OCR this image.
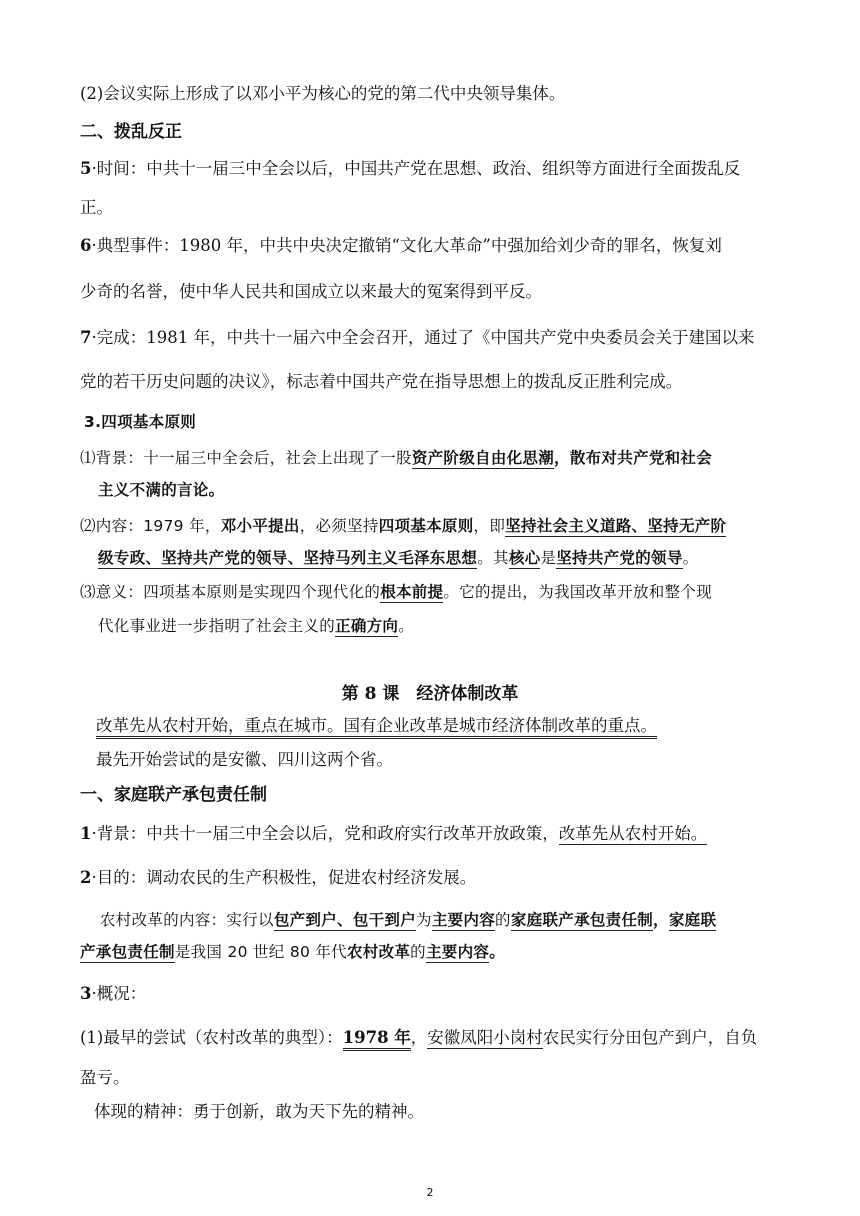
(2)会议实际上形成了以邓小平为核心的党的第二代中央领导集体。
二、拨乱反正
5·时间：中共十一届三中全会以后，中国共产党在思想、政治、组织等方面进行全面拨乱反
正。
6·典型事件：1980 年，中共中央决定撤销“文化大革命”中强加给刘少奇的罪名，恢复刘
少奇的名誉，使中华人民共和国成立以来最大的冤案得到平反。
7·完成：1981 年，中共十一届六中全会召开，通过了《中国共产党中央委员会关于建国以来
党的若干历史问题的决议》，标志着中国共产党在指导思想上的拨乱反正胜利完成。
3.四项基本原则
⑴背景：十一届三中全会后，社会上出现了一股资产阶级自由化思潮，散布对共产党和社会
主义不满的言论。
⑵内容：1979 年，邓小平提出，必须坚持四项基本原则，即坚持社会主义道路、坚持无产阶
级专政、坚持共产党的领导、坚持马列主义毛泽东思想。其核心是坚持共产党的领导。
⑶意义：四项基本原则是实现四个现代化的根本前提。它的提出，为我国改革开放和整个现
代化事业进一步指明了社会主义的正确方向。
第 8 课　经济体制改革
改革先从农村开始，重点在城市。国有企业改革是城市经济体制改革的重点。
最先开始尝试的是安徽、四川这两个省。
一、家庭联产承包责任制
1·背景：中共十一届三中全会以后，党和政府实行改革开放政策，改革先从农村开始。
2·目的：调动农民的生产积极性，促进农村经济发展。
农村改革的内容：实行以包产到户、包干到户为主要内容的家庭联产承包责任制，家庭联
产承包责任制是我国 20 世纪 80 年代农村改革的主要内容。
3·概况：
(1)最早的尝试（农村改革的典型）：1978 年，安徽凤阳小岗村农民实行分田包产到户，自负
盈亏。
体现的精神：勇于创新，敢为天下先的精神。
2
